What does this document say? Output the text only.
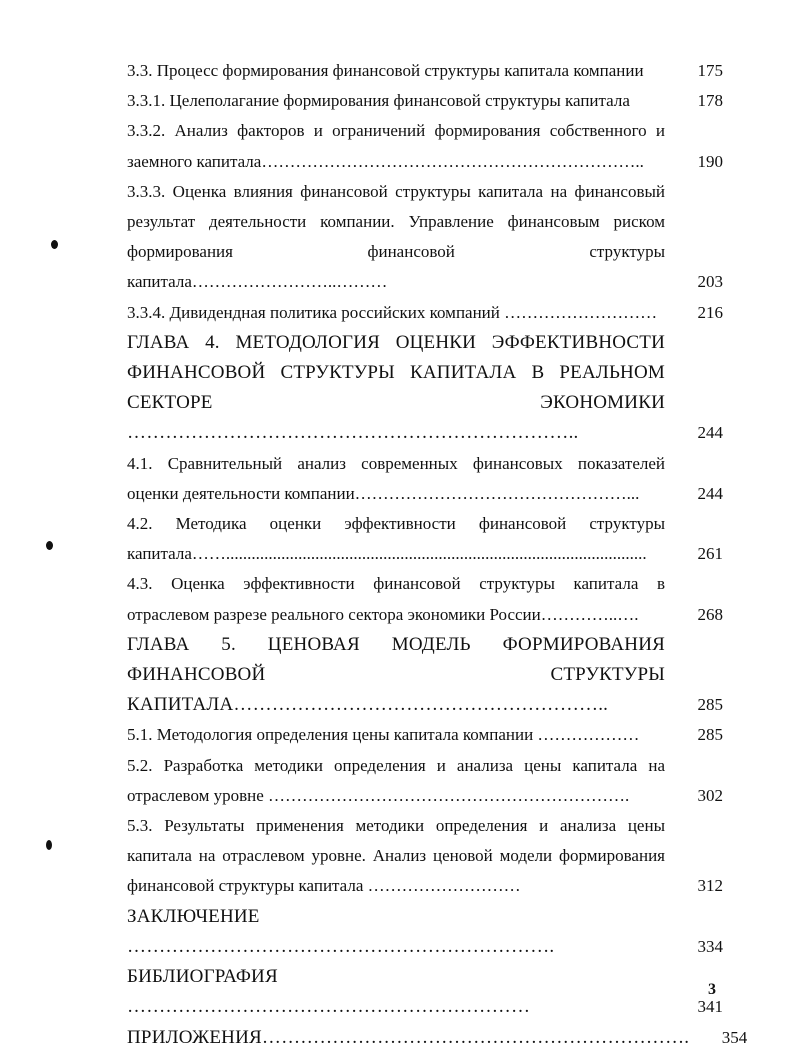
3.3. Процесс формирования финансовой структуры капитала компании	175
3.3.1. Целеполагание формирования финансовой структуры капитала	178
3.3.2. Анализ факторов и ограничений формирования собственного и заемного капитала…………………………………………………………..	190
3.3.3. Оценка влияния финансовой структуры капитала на финансовый результат деятельности компании. Управление финансовым риском формирования финансовой структуры капитала……………………..………	203
3.3.4. Дивидендная политика российских компаний ………………………	216
ГЛАВА 4. МЕТОДОЛОГИЯ ОЦЕНКИ ЭФФЕКТИВНОСТИ ФИНАНСОВОЙ СТРУКТУРЫ КАПИТАЛА В РЕАЛЬНОМ СЕКТОРЕ ЭКОНОМИКИ ……………………………………………………………..	244
4.1. Сравнительный анализ современных финансовых показателей оценки деятельности компании…………………………………………...	244
4.2. Методика оценки эффективности финансовой структуры капитала……...................................................................................................	261
4.3. Оценка эффективности финансовой структуры капитала в отраслевом разрезе реального сектора экономики России…………..….	268
ГЛАВА 5. ЦЕНОВАЯ МОДЕЛЬ ФОРМИРОВАНИЯ ФИНАНСОВОЙ СТРУКТУРЫ КАПИТАЛА…………………………………………………..	285
5.1. Методология определения цены капитала компании ………………	285
5.2. Разработка методики определения и анализа цены капитала на отраслевом уровне ……………………………………………………….	302
5.3. Результаты применения методики определения и анализа цены капитала на отраслевом уровне. Анализ ценовой модели формирования финансовой структуры капитала ………………………	312
ЗАКЛЮЧЕНИЕ ………………………………………………………….	334
БИБЛИОГРАФИЯ ………………………………………………………	341
ПРИЛОЖЕНИЯ………………………………………………………….	354
3
